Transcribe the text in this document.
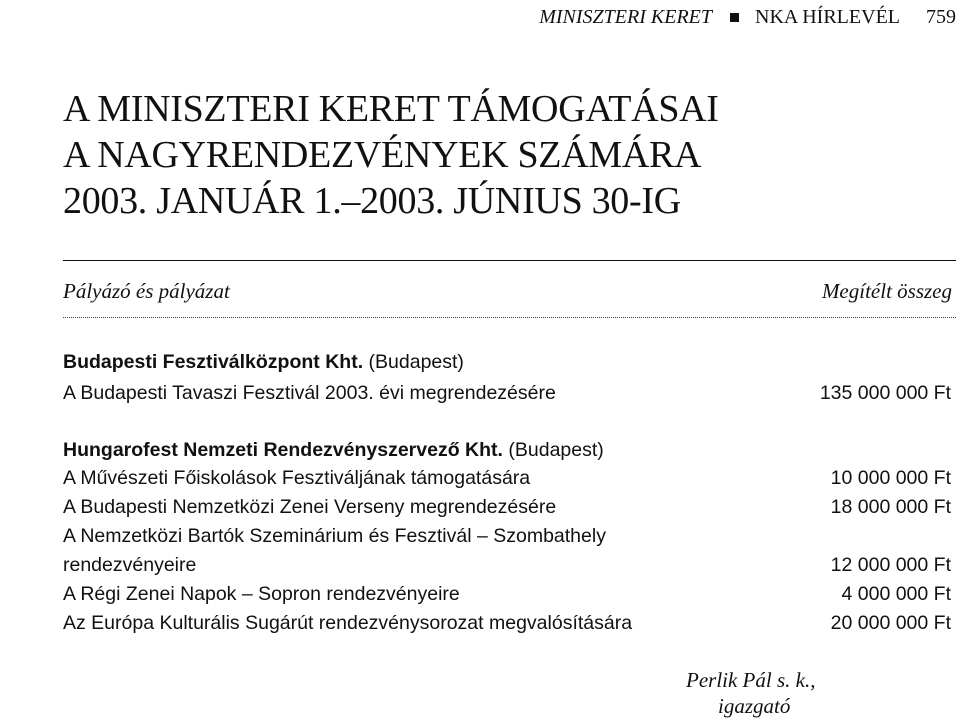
MINISZTERI KERET NKA HÍRLEVÉL 759
A MINISZTERI KERET TÁMOGATÁSAI
A NAGYRENDEZVÉNYEK SZÁMÁRA
2003. JANUÁR 1.–2003. JÚNIUS 30-IG
Pályázó és pályázat	Megítélt összeg
Budapesti Fesztiválközpont Kht. (Budapest)
A Budapesti Tavaszi Fesztivál 2003. évi megrendezésére	135 000 000 Ft
Hungarofest Nemzeti Rendezvényszervező Kht. (Budapest)
A Művészeti Főiskolások Fesztiváljának támogatására	10 000 000 Ft
A Budapesti Nemzetközi Zenei Verseny megrendezésére	18 000 000 Ft
A Nemzetközi Bartók Szeminárium és Fesztivál – Szombathely
rendezvényeire	12 000 000 Ft
A Régi Zenei Napok – Sopron rendezvényeire	4 000 000 Ft
Az Európa Kulturális Sugárút rendezvénysorozat megvalósítására	20 000 000 Ft
Perlik Pál s. k.,
igazgató
